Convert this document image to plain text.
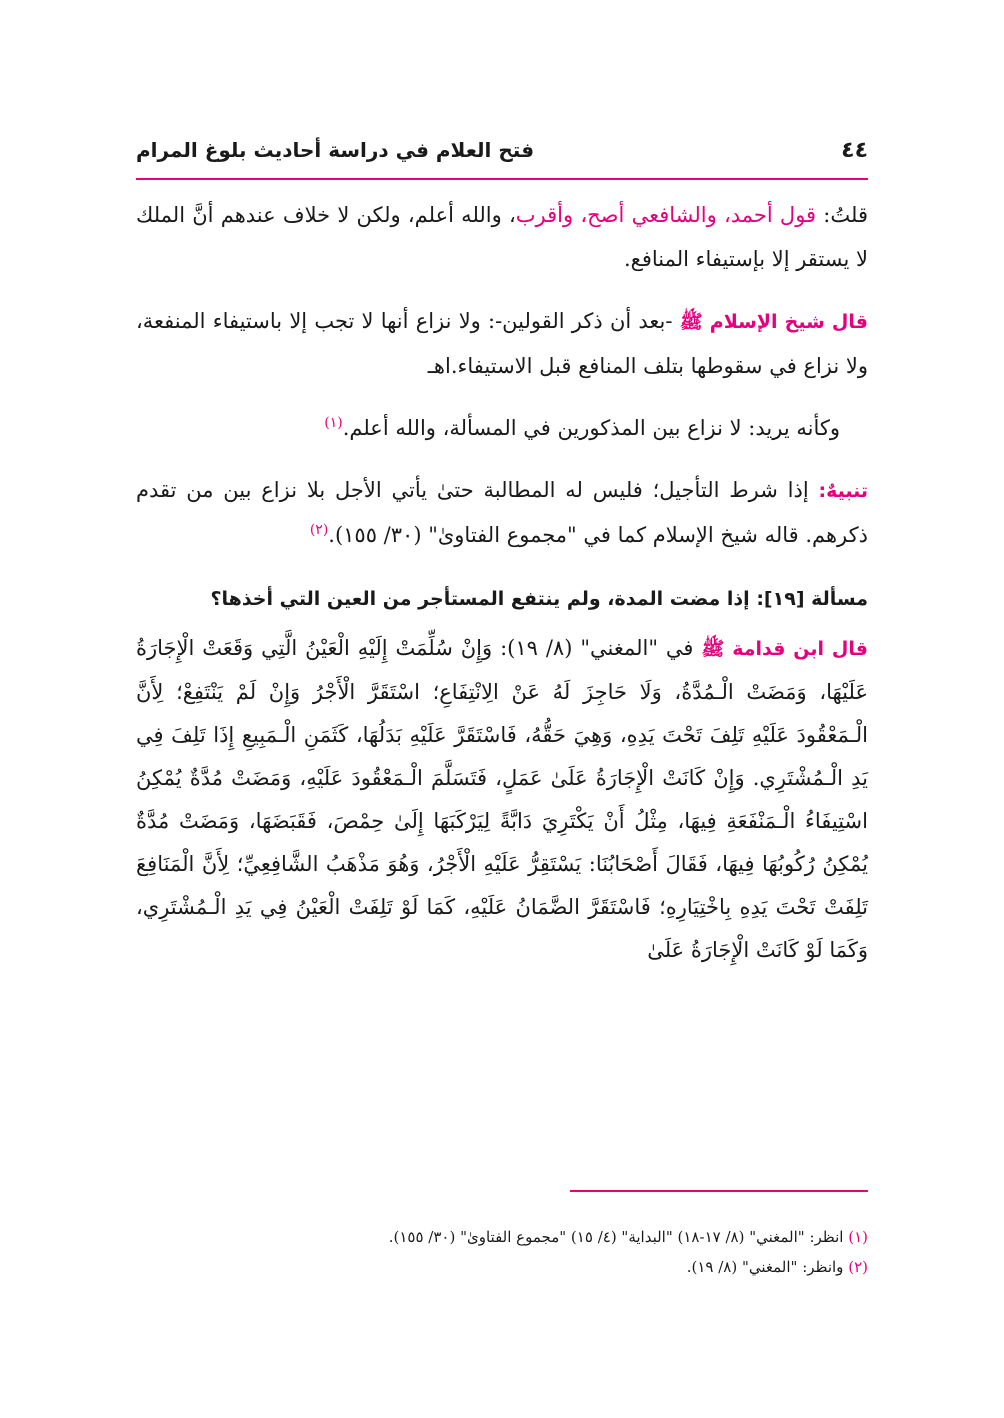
٤٤
فتح العلام في دراسة أحاديث بلوغ المرام

قلتُ: قول أحمد، والشافعي أصح، وأقرب، والله أعلم، ولكن لا خلاف عندهم أنَّ الملك لا يستقر إلا بإستيفاء المنافع.

قال شيخ الإسلام ﷺ -بعد أن ذكر القولين-: ولا نزاع أنها لا تجب إلا باستيفاء المنفعة، ولا نزاع في سقوطها بتلف المنافع قبل الاستيفاء.اهـ

وكأنه يريد: لا نزاع بين المذكورين في المسألة، والله أعلم.$^{(١)}$

تنبيهٌ: إذا شرط التأجيل؛ فليس له المطالبة حتىٰ يأتي الأجل بلا نزاع بين من تقدم ذكرهم. قاله شيخ الإسلام كما في "مجموع الفتاوىٰ" (٣٠/ ١٥٥).$^{(٢)}$

مسألة [١٩]: إذا مضت المدة، ولم ينتفع المستأجر من العين التي أخذها؟

قال ابن قدامة ﷺ في "المغني" (٨/ ١٩): وَإِنْ سُلِّمَتْ إِلَيْهِ الْعَيْنُ الَّتِي وَقَعَتْ الْإِجَارَةُ عَلَيْهَا، وَمَضَتْ الْـمُدَّةُ، وَلَا حَاجِزَ لَهُ عَنْ الِانْتِفَاعِ؛ اسْتَقَرَّ الْأَجْرُ وَإِنْ لَمْ يَنْتَفِعْ؛ لِأَنَّ الْـمَعْقُودَ عَلَيْهِ تَلِفَ تَحْتَ يَدِهِ، وَهِيَ حَقُّهُ، فَاسْتَقَرَّ عَلَيْهِ بَدَلُهَا، كَثَمَنِ الْـمَبِيعِ إِذَا تَلِفَ فِي يَدِ الْـمُشْتَرِي. وَإِنْ كَانَتْ الْإِجَارَةُ عَلَىٰ عَمَلٍ، فَتَسَلَّمَ الْـمَعْقُودَ عَلَيْهِ، وَمَضَتْ مُدَّةٌ يُمْكِنُ اسْتِيفَاءُ الْـمَنْفَعَةِ فِيهَا، مِثْلُ أَنْ يَكْتَرِيَ دَابَّةً لِيَرْكَبَهَا إِلَىٰ حِمْصَ، فَقَبَضَهَا، وَمَضَتْ مُدَّةٌ يُمْكِنُ رُكُوبُهَا فِيهَا، فَقَالَ أَصْحَابُنَا: يَسْتَقِرُّ عَلَيْهِ الْأَجْرُ، وَهُوَ مَذْهَبُ الشَّافِعِيِّ؛ لِأَنَّ الْمَنَافِعَ تَلِفَتْ تَحْتَ يَدِهِ بِاخْتِيَارِهِ؛ فَاسْتَقَرَّ الضَّمَانُ عَلَيْهِ، كَمَا لَوْ تَلِفَتْ الْعَيْنُ فِي يَدِ الْـمُشْتَرِي، وَكَمَا لَوْ كَانَتْ الْإِجَارَةُ عَلَىٰ

(١) انظر: "المغني" (٨/ ١٧-١٨) "البداية" (٤/ ١٥) "مجموع الفتاوىٰ" (٣٠/ ١٥٥).

(٢) وانظر: "المغني" (٨/ ١٩).
